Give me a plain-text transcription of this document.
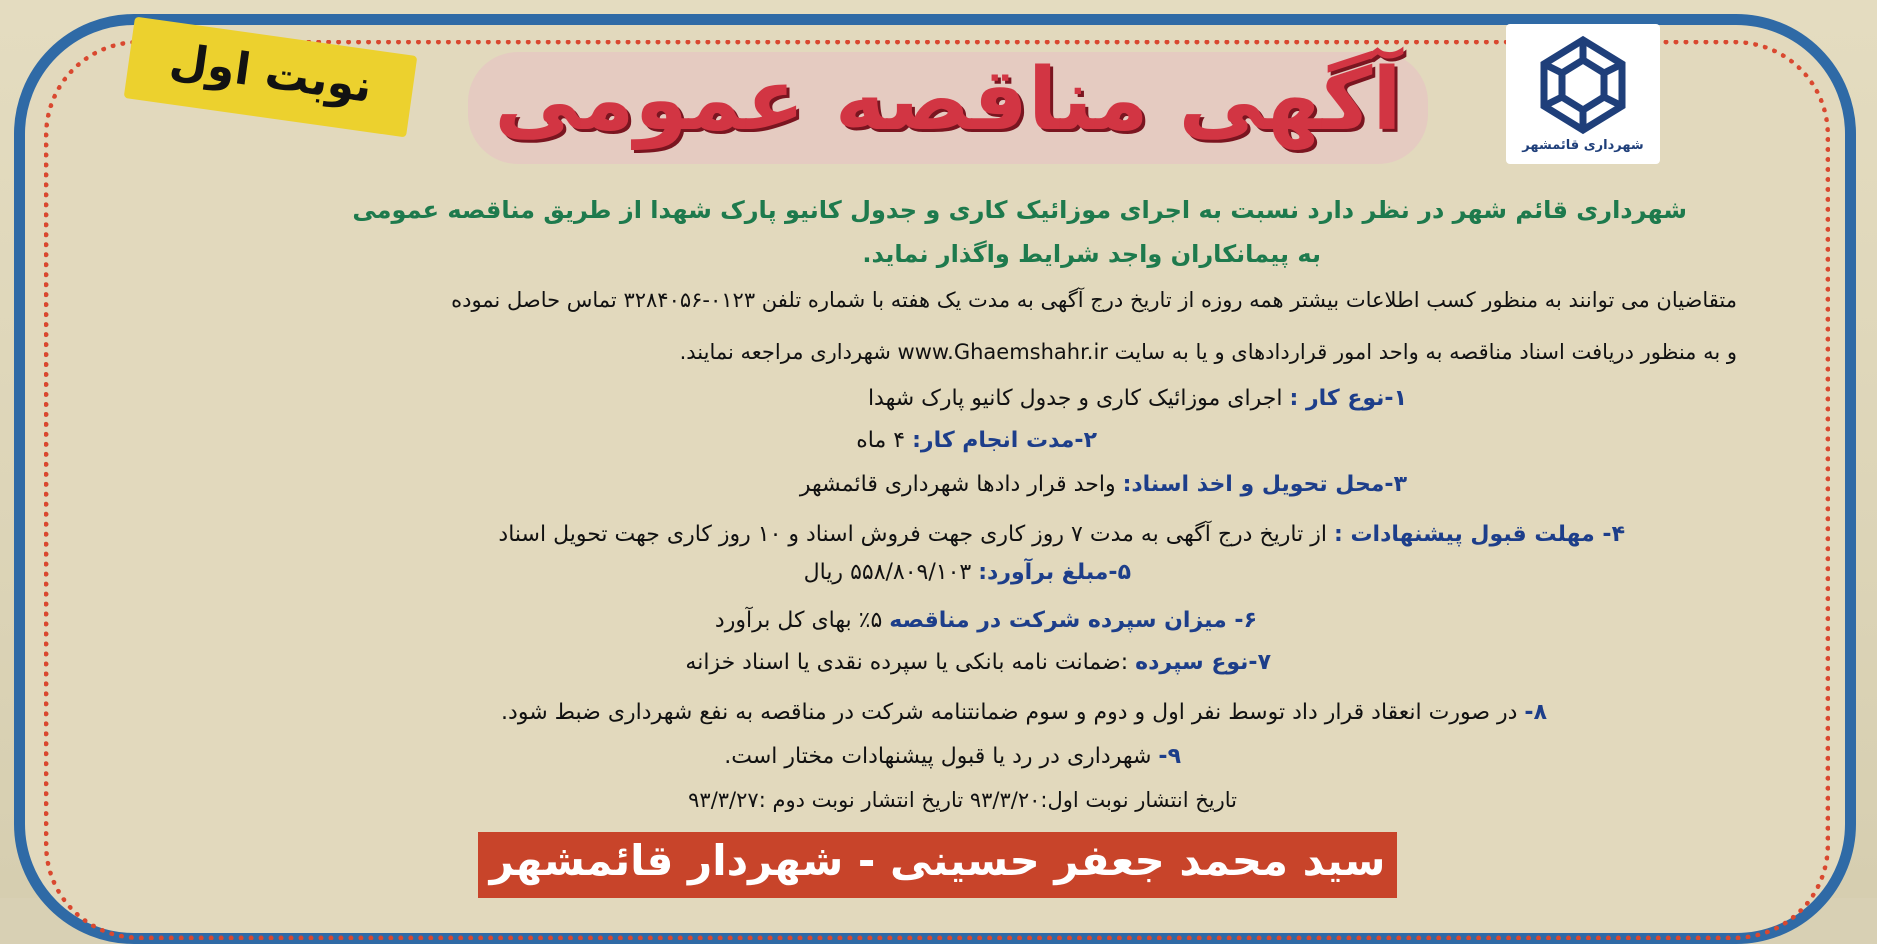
شهرداری قائمشهر
نوبت اول	آگهی مناقصه عمومی
شهرداری قائم شهر در نظر دارد نسبت به اجرای موزائیک کاری و جدول کانیو پارک شهدا از طریق مناقصه عمومی
به پیمانکاران واجد شرایط واگذار نماید.
متقاضیان می توانند به منظور کسب اطلاعات بیشتر همه روزه از تاریخ درج آگهی به مدت یک هفته با شماره تلفن ۰۱۲۳-۳۲۸۴۰۵۶ تماس حاصل نموده
و به منظور دریافت اسناد مناقصه به واحد امور قراردادهای و یا به سایت www.Ghaemshahr.ir شهرداری مراجعه نمایند.
۱-نوع کار : اجرای موزائیک کاری و جدول کانیو پارک شهدا
۲-مدت انجام کار: ۴ ماه
۳-محل تحویل و اخذ اسناد: واحد قرار دادها شهرداری قائمشهر
۴- مهلت قبول پیشنهادات : از تاریخ درج آگهی به مدت ۷ روز کاری جهت فروش اسناد و ۱۰ روز کاری جهت تحویل اسناد
۵-مبلغ برآورد: ۵۵۸/۸۰۹/۱۰۳ ریال
۶- میزان سپرده شرکت در مناقصه ۵٪ بهای کل برآورد
۷-نوع سپرده :ضمانت نامه بانکی یا سپرده نقدی یا اسناد خزانه
۸- در صورت انعقاد قرار داد توسط نفر اول و دوم و سوم ضمانتنامه شرکت در مناقصه به نفع شهرداری ضبط شود.
۹- شهرداری در رد یا قبول پیشنهادات مختار است.
تاریخ انتشار نوبت اول:۹۳/۳/۲۰ تاریخ انتشار نوبت دوم :۹۳/۳/۲۷
سید محمد جعفر حسینی - شهردار قائمشهر
